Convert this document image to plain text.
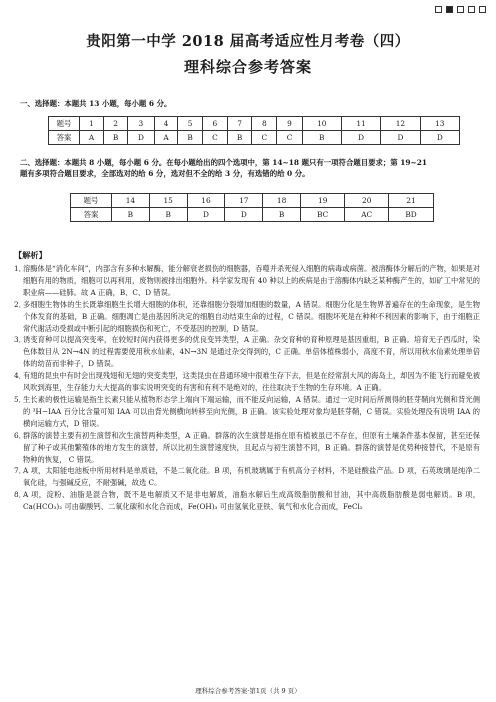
贵阳第一中学 2018 届高考适应性月考卷（四）
理科综合参考答案
一、选择题：本题共 13 小题，每小题 6 分。
题号	1	2	3	4	5	6	7	8	9	10	11	12	13
答案	A	B	D	A	B	C	B	C	C	B	D	D	D
二、选择题：本题共 8 小题，每小题 6 分。在每小题给出的四个选项中，第 14~18 题只有一项符合题目要求；第 19~21
题有多项符合题目要求，全部选对的给 6 分，选对但不全的给 3 分，有选错的给 0 分。
题号	14	15	16	17	18	19	20	21
答案	B	B	D	D	B	BC	AC	BD
【解析】

1．
溶酶体是“消化车间”，内部含有多种水解酶，能分解衰老损伤的细胞器，吞噬并杀死侵入细胞的病毒或病菌。被溶酶体分解后的产物，如果是对细胞有用的物质，细胞可以再利用，废物则被排出细胞外。科学家发现有 40 种以上的疾病是由于溶酶体内缺乏某种酶产生的，如矿工中常见的职业病——硅肺。故 A 正确，B、C、D 错误。

2．
多细胞生物体的生长既靠细胞生长增大细胞的体积，还靠细胞分裂增加细胞的数量，A 错误。细胞分化是生物界普遍存在的生命现象，是生物个体发育的基础，B 正确。细胞凋亡是由基因所决定的细胞自动结束生命的过程，C 错误。细胞坏死是在种种不利因素的影响下，由于细胞正常代谢活动受损或中断引起的细胞损伤和死亡，不受基因的控制，D 错误。

3．
诱变育种可以提高突变率，在较短时间内获得更多的优良变异类型，A 正确。杂交育种的育种原理是基因重组，B 正确。培育无子西瓜时，染色体数目从 2N→4N 的过程需要使用秋水仙素，4N→3N 是通过杂交得到的，C 正确。单倍体植株弱小，高度不育，所以用秋水仙素处理单倍体的幼苗而非种子，D 错误。

4．
有翅的昆虫中有时会出现残翅和无翅的突变类型，这类昆虫在普通环境中很难生存下去，但是在经常刮大风的海岛上，却因为不能飞行而避免被风吹到海里，生存能力大大提高的事实说明突变的有害和有利不是绝对的，往往取决于生物的生存环境。A 正确。

5．
生长素的极性运输是指生长素只能从植物形态学上端向下端运输，而不能反向运输，A 错误。通过一定时间后所测得的胚芽鞘向光侧和背光侧的 ³H−IAA 百分比含量可知 IAA 可以由背光侧横向转移至向光侧，B 正确。该实验处理对象均是胚芽鞘，C 错误。实验处理没有说明 IAA 的横向运输方式，D 错误。

6．
群落的演替主要有初生演替和次生演替两种类型，A 正确。群落的次生演替是指在原有植被虽已不存在，但原有土壤条件基本保留，甚至还保留了种子或其他繁殖体的地方发生的演替，所以比初生演替速度快，且起点与初生演替不同，B 正确。群落的演替是优势种接替代，不是原有物种的恢复， C 错误。

7．
A 项，太阳能电池板中所用材料是单质硅，不是二氧化硅。B 项，有机玻璃属于有机高分子材料，不是硅酸盐产品。D 项，石英玻璃是纯净二氧化硅，与强碱反应，不耐强碱，故选 C。

8．
A 项，淀粉、油脂是混合物，既不是电解质又不是非电解质，油脂水解后生成高级脂肪酸和甘油，其中高级脂肪酸是弱电解质。B 项，Ca(HCO₃)₂ 可由碳酸钙、二氧化碳和水化合而成，Fe(OH)₃ 可由氢氧化亚铁、氧气和水化合而成，FeCl₂

理科综合参考答案·第1页（共 9 页）
